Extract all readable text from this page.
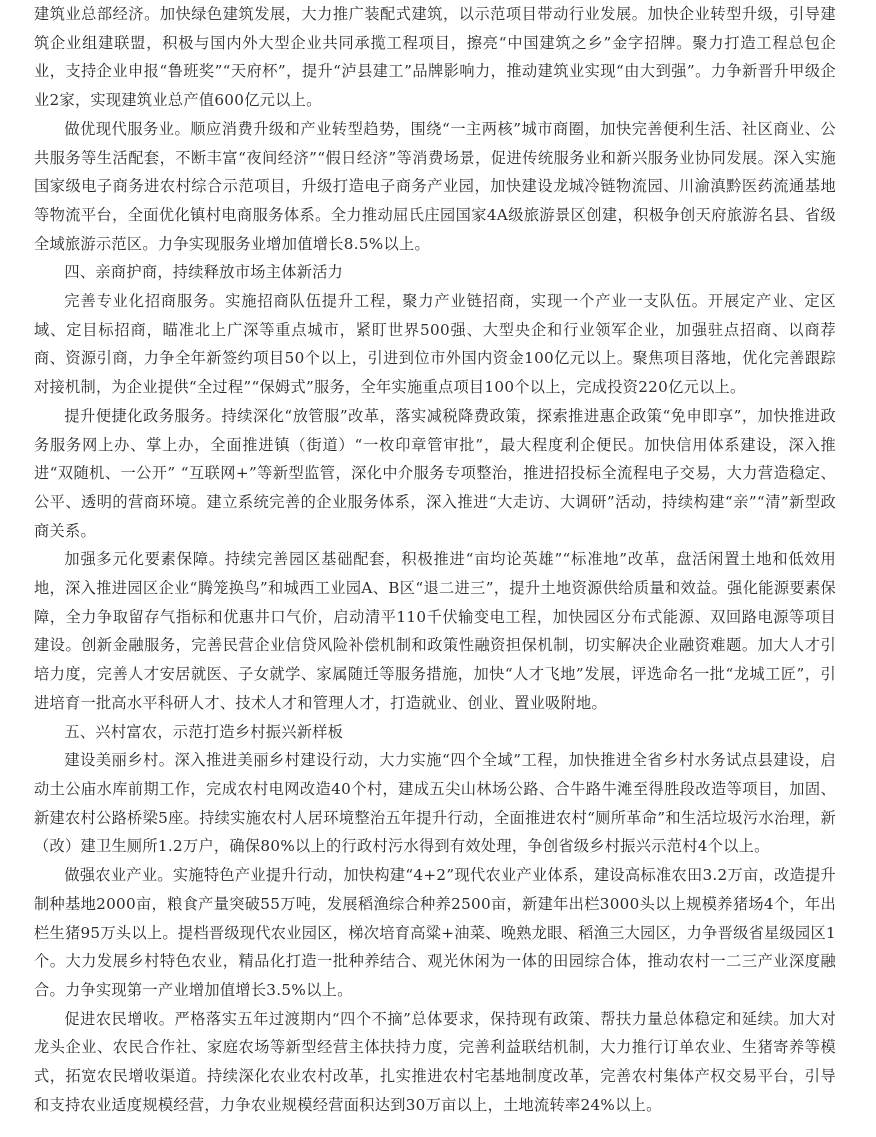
建筑业总部经济。加快绿色建筑发展，大力推广装配式建筑，以示范项目带动行业发展。加快企业转型升级，引导建筑企业组建联盟，积极与国内外大型企业共同承揽工程项目，擦亮“中国建筑之乡”金字招牌。聚力打造工程总包企业，支持企业申报“鲁班奖”“天府杯”，提升“泸县建工”品牌影响力，推动建筑业实现“由大到强”。力争新晋升甲级企业2家，实现建筑业总产值600亿元以上。

做优现代服务业。顺应消费升级和产业转型趋势，围绕“一主两核”城市商圈，加快完善便利生活、社区商业、公共服务等生活配套，不断丰富“夜间经济”“假日经济”等消费场景，促进传统服务业和新兴服务业协同发展。深入实施国家级电子商务进农村综合示范项目，升级打造电子商务产业园，加快建设龙城冷链物流园、川渝滇黔医药流通基地等物流平台，全面优化镇村电商服务体系。全力推动屈氏庄园国家4A级旅游景区创建，积极争创天府旅游名县、省级全域旅游示范区。力争实现服务业增加值增长8.5%以上。

四、亲商护商，持续释放市场主体新活力

完善专业化招商服务。实施招商队伍提升工程，聚力产业链招商，实现一个产业一支队伍。开展定产业、定区域、定目标招商，瞄准北上广深等重点城市，紧盯世界500强、大型央企和行业领军企业，加强驻点招商、以商荐商、资源引商，力争全年新签约项目50个以上，引进到位市外国内资金100亿元以上。聚焦项目落地，优化完善跟踪对接机制，为企业提供“全过程”“保姆式”服务，全年实施重点项目100个以上，完成投资220亿元以上。

提升便捷化政务服务。持续深化“放管服”改革，落实减税降费政策，探索推进惠企政策“免申即享”，加快推进政务服务网上办、掌上办，全面推进镇（街道）“一枚印章管审批”，最大程度利企便民。加快信用体系建设，深入推进“双随机、一公开” “互联网+”等新型监管，深化中介服务专项整治，推进招投标全流程电子交易，大力营造稳定、公平、透明的营商环境。建立系统完善的企业服务体系，深入推进“大走访、大调研”活动，持续构建“亲”“清”新型政商关系。

加强多元化要素保障。持续完善园区基础配套，积极推进“亩均论英雄”“标准地”改革，盘活闲置土地和低效用地，深入推进园区企业“腾笼换鸟”和城西工业园A、B区“退二进三”，提升土地资源供给质量和效益。强化能源要素保障，全力争取留存气指标和优惠井口气价，启动清平110千伏输变电工程，加快园区分布式能源、双回路电源等项目建设。创新金融服务，完善民营企业信贷风险补偿机制和政策性融资担保机制，切实解决企业融资难题。加大人才引培力度，完善人才安居就医、子女就学、家属随迁等服务措施，加快“人才飞地”发展，评选命名一批“龙城工匠”，引进培育一批高水平科研人才、技术人才和管理人才，打造就业、创业、置业吸附地。

五、兴村富农，示范打造乡村振兴新样板

建设美丽乡村。深入推进美丽乡村建设行动，大力实施“四个全域”工程，加快推进全省乡村水务试点县建设，启动土公庙水库前期工作，完成农村电网改造40个村，建成五尖山林场公路、合牛路牛滩至得胜段改造等项目，加固、新建农村公路桥梁5座。持续实施农村人居环境整治五年提升行动，全面推进农村“厕所革命”和生活垃圾污水治理，新（改）建卫生厕所1.2万户，确保80%以上的行政村污水得到有效处理，争创省级乡村振兴示范村4个以上。

做强农业产业。实施特色产业提升行动，加快构建“4+2”现代农业产业体系，建设高标准农田3.2万亩，改造提升制种基地2000亩，粮食产量突破55万吨，发展稻渔综合种养2500亩，新建年出栏3000头以上规模养猪场4个，年出栏生猪95万头以上。提档晋级现代农业园区，梯次培育高粱+油菜、晚熟龙眼、稻渔三大园区，力争晋级省星级园区1个。大力发展乡村特色农业，精品化打造一批种养结合、观光休闲为一体的田园综合体，推动农村一二三产业深度融合。力争实现第一产业增加值增长3.5%以上。

促进农民增收。严格落实五年过渡期内“四个不摘”总体要求，保持现有政策、帮扶力量总体稳定和延续。加大对龙头企业、农民合作社、家庭农场等新型经营主体扶持力度，完善利益联结机制，大力推行订单农业、生猪寄养等模式，拓宽农民增收渠道。持续深化农业农村改革，扎实推进农村宅基地制度改革，完善农村集体产权交易平台，引导和支持农业适度规模经营，力争农业规模经营面积达到30万亩以上，土地流转率24%以上。
